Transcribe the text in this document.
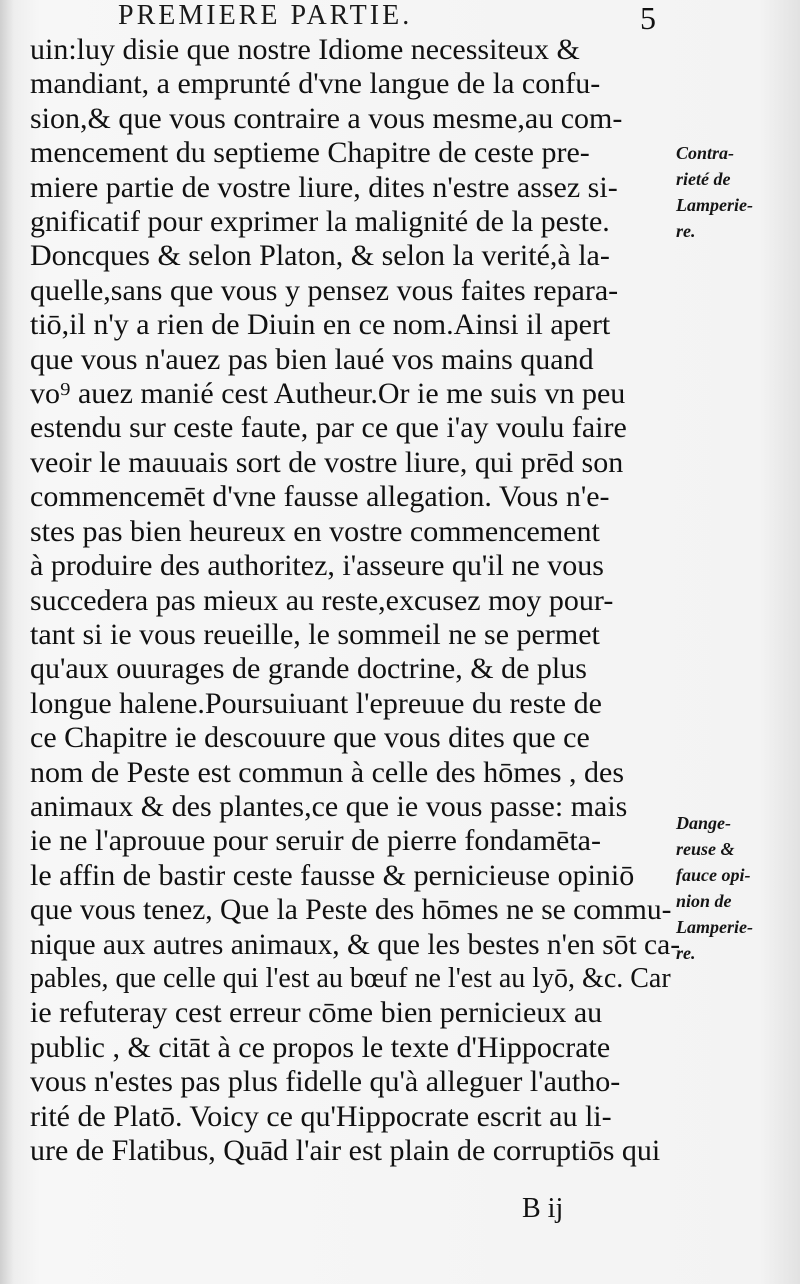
PREMIERE PARTIE.	5
uin:luy disie que nostre Idiome necessiteux &
mandiant, a emprunté d'vne langue de la confu-
sion,& que vous contraire a vous mesme,au com-
mencement du septieme Chapitre de ceste pre-
miere partie de vostre liure, dites n'estre assez si-
gnificatif pour exprimer la malignité de la peste.
Doncques & selon Platon, & selon la verité,à la-
quelle,sans que vous y pensez vous faites repara-
tiō,il n'y a rien de Diuin en ce nom.Ainsi il apert
que vous n'auez pas bien laué vos mains quand
vo⁹ auez manié cest Autheur.Or ie me suis vn peu
estendu sur ceste faute, par ce que i'ay voulu faire
veoir le mauuais sort de vostre liure, qui prēd son
commencemēt d'vne fausse allegation. Vous n'e-
stes pas bien heureux en vostre commencement
à produire des authoritez, i'asseure qu'il ne vous
succedera pas mieux au reste,excusez moy pour-
tant si ie vous reueille, le sommeil ne se permet
qu'aux ouurages de grande doctrine, & de plus
longue halene.Poursuiuant l'epreuue du reste de
ce Chapitre ie descouure que vous dites que ce
nom de Peste est commun à celle des hōmes , des
animaux & des plantes,ce que ie vous passe: mais
ie ne l'aprouue pour seruir de pierre fondamēta-
le affin de bastir ceste fausse & pernicieuse opiniō
que vous tenez, Que la Peste des hōmes ne se commu-
nique aux autres animaux, & que les bestes n'en sōt ca-
pables, que celle qui l'est au bœuf ne l'est au lyō, &c. Car
ie refuteray cest erreur cōme bien pernicieux au
public , & citāt à ce propos le texte d'Hippocrate
vous n'estes pas plus fidelle qu'à alleguer l'autho-
rité de Platō. Voicy ce qu'Hippocrate escrit au li-
ure de Flatibus, Quād l'air est plain de corruptiōs qui
Contra-
rieté de
Lamperie-
re.
Dange-
reuse &
fauce opi-
nion de
Lamperie-
re.
B ij
